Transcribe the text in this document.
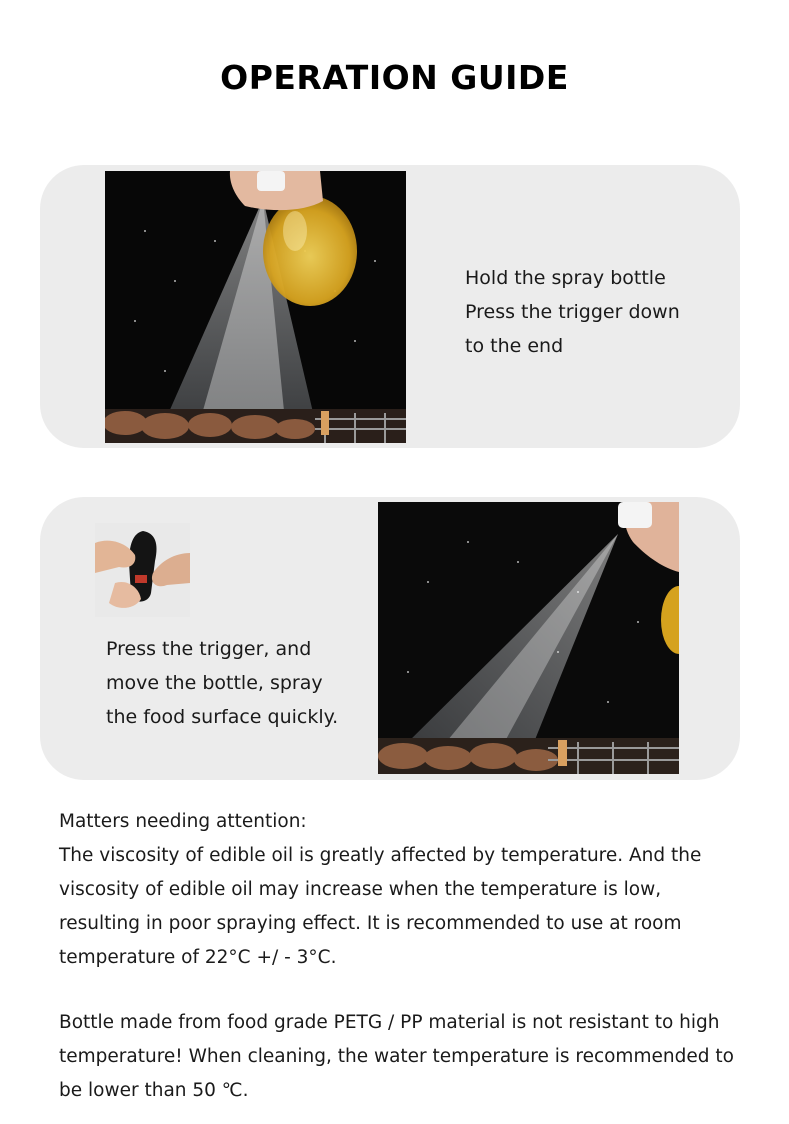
OPERATION GUIDE
Hold the spray bottle
Press the trigger down
to the end
Press the trigger, and
move the bottle, spray
the food surface quickly.
Matters needing attention:
The viscosity of edible oil is greatly affected by temperature. And the
viscosity of edible oil may increase when the temperature is low,
resulting in poor spraying effect. It is recommended to use at room
temperature of 22°C +/ - 3°C.
Bottle made from food grade PETG / PP material is not resistant to high
temperature! When cleaning, the water temperature is recommended to
be lower than 50 ℃.
